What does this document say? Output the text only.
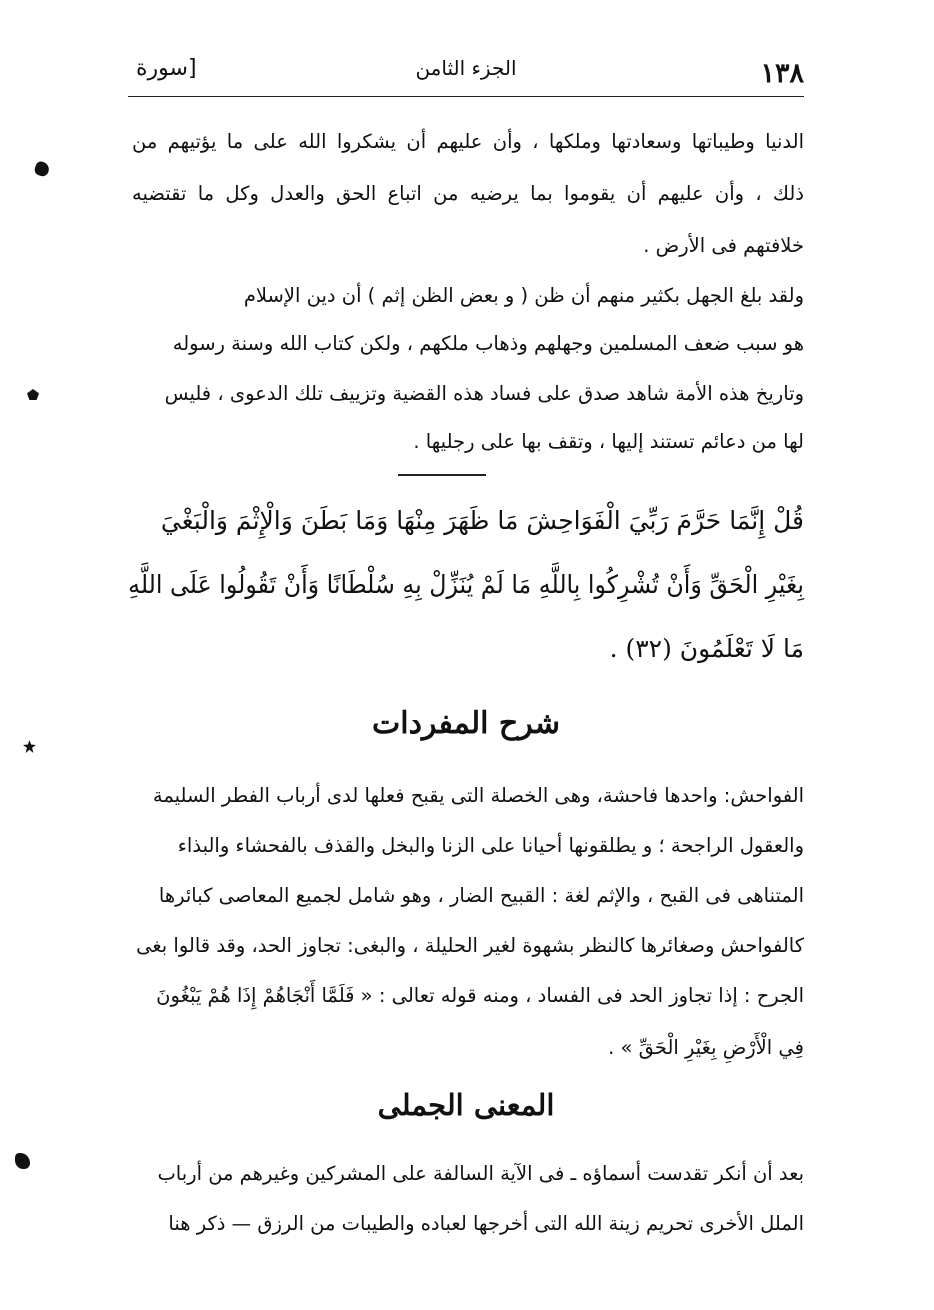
١٣٨
الجزء الثامن
[سورة
الدنيا وطيباتها وسعادتها وملكها ، وأن عليهم أن يشكروا الله على ما يؤتيهم من
ذلك ، وأن عليهم أن يقوموا بما يرضيه من اتباع الحق والعدل وكل ما تقتضيه
خلافتهم فى الأرض .
ولقد بلغ الجهل بكثير منهم أن ظن ( و بعض الظن إثم ) أن دين الإسلام
هو سبب ضعف المسلمين وجهلهم وذهاب ملكهم ، ولكن كتاب الله وسنة رسوله
وتاريخ هذه الأمة شاهد صدق على فساد هذه القضية وتزييف تلك الدعوى ، فليس
لها من دعائم تستند إليها ، وتقف بها على رجليها .
قُلْ إِنَّمَا حَرَّمَ رَبِّيَ الْفَوَاحِشَ مَا ظَهَرَ مِنْهَا وَمَا بَطَنَ وَالْإِثْمَ وَالْبَغْيَ
بِغَيْرِ الْحَقِّ وَأَنْ تُشْرِكُوا بِاللَّهِ مَا لَمْ يُنَزِّلْ بِهِ سُلْطَانًا وَأَنْ تَقُولُوا عَلَى اللَّهِ
مَا لَا تَعْلَمُونَ (٣٢) .
شرح المفردات
الفواحش: واحدها فاحشة، وهى الخصلة التى يقبح فعلها لدى أرباب الفطر السليمة
والعقول الراجحة ؛ و يطلقونها أحيانا على الزنا والبخل والقذف بالفحشاء والبذاء
المتناهى فى القبح ، والإثم لغة : القبيح الضار ، وهو شامل لجميع المعاصى كبائرها
كالفواحش وصغائرها كالنظر بشهوة لغير الحليلة ، والبغى: تجاوز الحد، وقد قالوا بغى
الجرح : إذا تجاوز الحد فى الفساد ، ومنه قوله تعالى : « فَلَمَّا أَنْجَاهُمْ إِذَا هُمْ يَبْغُونَ
فِي الْأَرْضِ بِغَيْرِ الْحَقِّ » .
المعنى الجملى
بعد أن أنكر تقدست أسماؤه ـ فى الآية السالفة على المشركين وغيرهم من أرباب
الملل الأخرى تحريم زينة الله التى أخرجها لعباده والطيبات من الرزق — ذكر هنا
